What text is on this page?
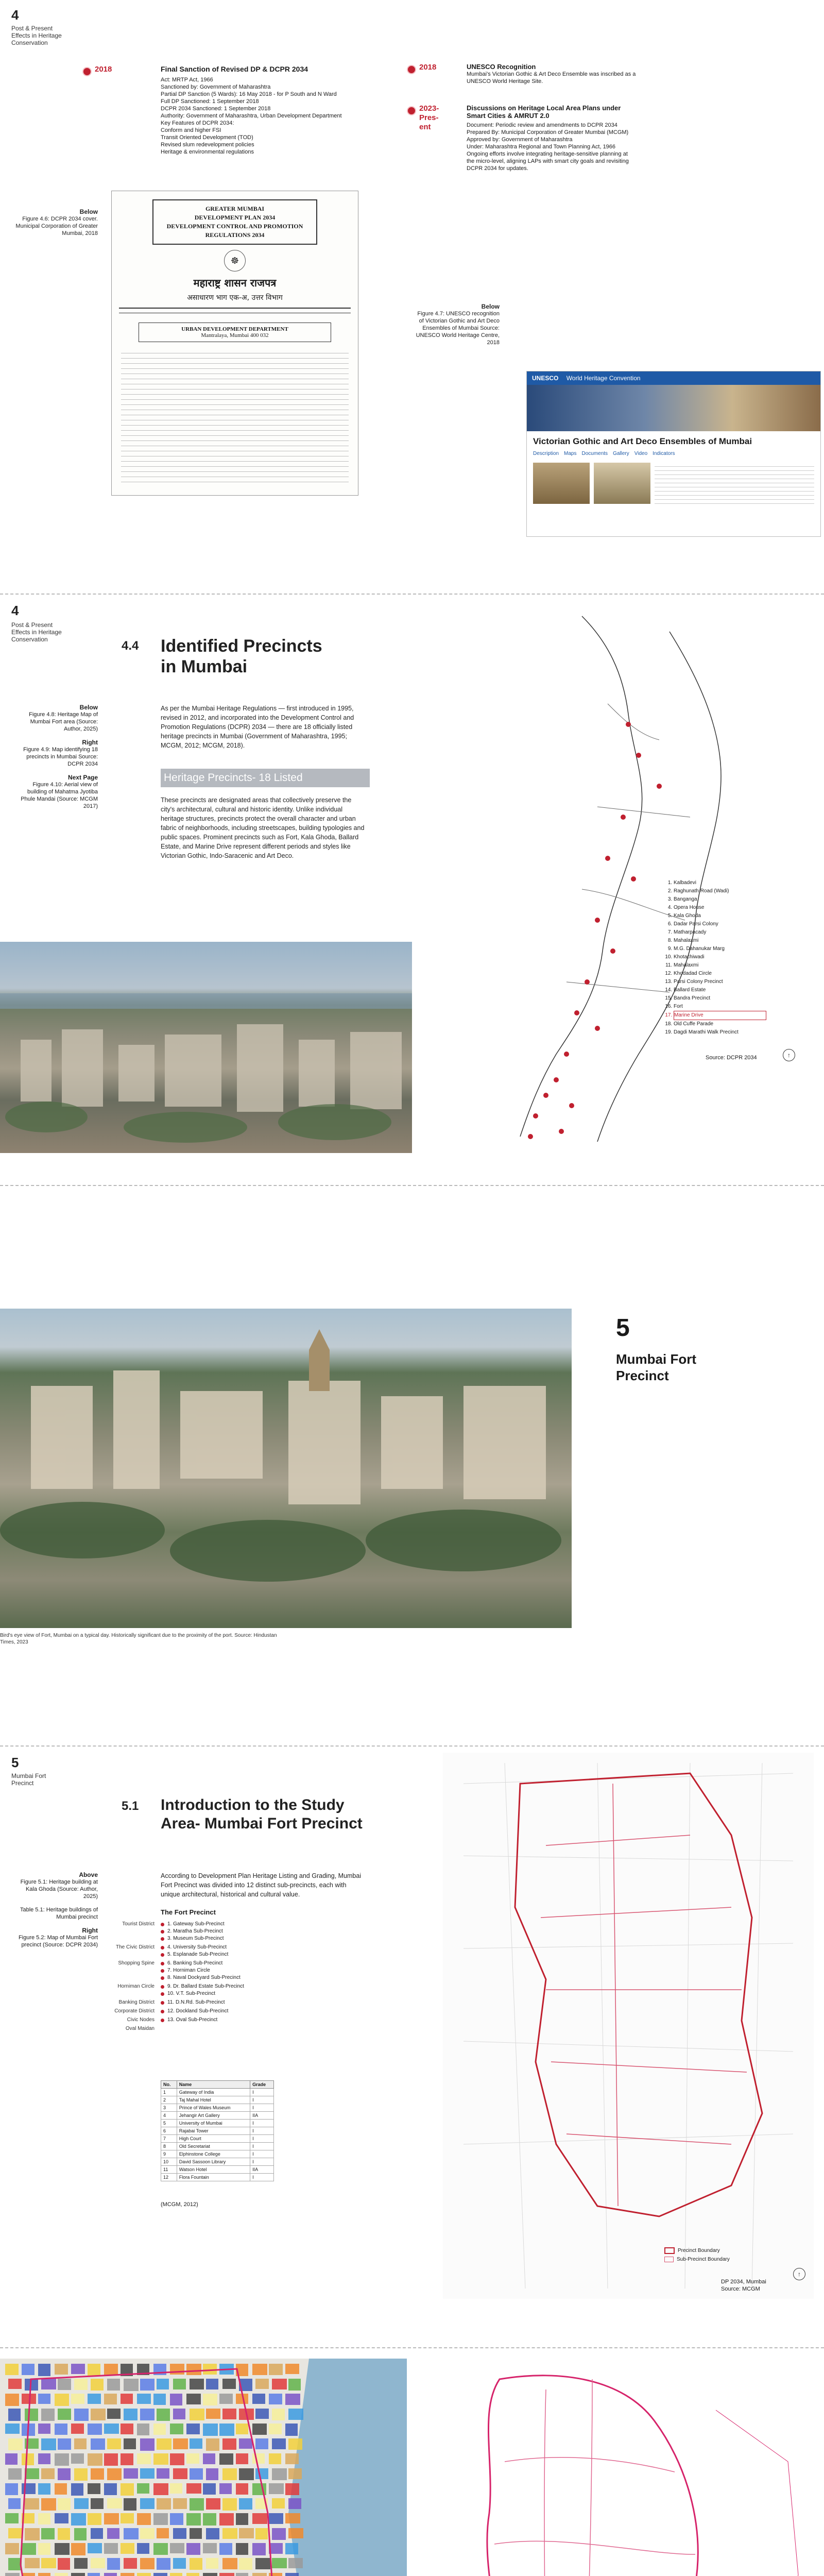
4
Post & Present Effects in Heritage Conservation
2018	Final Sanction of Revised DP & DCPR 2034
Act: MRTP Act, 1966
Sanctioned by: Government of Maharashtra
Partial DP Sanction (5 Wards): 16 May 2018 - for P South and N Ward
Full DP Sanctioned: 1 September 2018
DCPR 2034 Sanctioned: 1 September 2018
Authority: Government of Maharashtra, Urban Development Department
Key Features of DCPR 2034:
Conform and higher FSI
Transit Oriented Development (TOD)
Revised slum redevelopment policies
Heritage & environmental regulations
Below
Figure 4.6: DCPR 2034 cover. Municipal Corporation of Greater Mumbai, 2018
GREATER MUMBAI
DEVELOPMENT PLAN 2034
DEVELOPMENT CONTROL AND PROMOTION
REGULATIONS 2034
☸
महाराष्ट्र शासन राजपत्र
असाधारण भाग एक-अ, उत्तर विभाग
URBAN DEVELOPMENT DEPARTMENT
Mantralaya, Mumbai 400 032
2018	UNESCO Recognition
Mumbai's Victorian Gothic & Art Deco Ensemble was inscribed as a UNESCO World Heritage Site.
2023-Pres-ent
Discussions on Heritage Local Area Plans under Smart Cities & AMRUT 2.0
Document: Periodic review and amendments to DCPR 2034
Prepared By: Municipal Corporation of Greater Mumbai (MCGM)
Approved by: Government of Maharashtra
Under: Maharashtra Regional and Town Planning Act, 1966
Ongoing efforts involve integrating heritage-sensitive planning at the micro-level, aligning LAPs with smart city goals and revisiting DCPR 2034 for updates.
Below
Figure 4.7: UNESCO recognition of Victorian Gothic and Art Deco Ensembles of Mumbai Source: UNESCO World Heritage Centre, 2018
UNESCO World Heritage Convention
Victorian Gothic and Art Deco Ensembles of Mumbai
Description Maps Documents Gallery Video Indicators
4
Post & Present Effects in Heritage Conservation	4.4 Identified Precincts in Mumbai
Below
Figure 4.8: Heritage Map of Mumbai Fort area (Source: Author, 2025)
Right
Figure 4.9: Map identifying 18 precincts in Mumbai Source: DCPR 2034
Next Page
Figure 4.10: Aerial view of building of Mahatma Jyotiba Phule Mandai (Source: MCGM 2017)
As per the Mumbai Heritage Regulations — first introduced in 1995, revised in 2012, and incorporated into the Development Control and Promotion Regulations (DCPR) 2034 — there are 18 officially listed heritage precincts in Mumbai (Government of Maharashtra, 1995; MCGM, 2012; MCGM, 2018).
Heritage Precincts- 18 Listed
These precincts are designated areas that collectively preserve the city's architectural, cultural and historic identity. Unlike individual heritage structures, precincts protect the overall character and urban fabric of neighborhoods, including streetscapes, building typologies and public spaces. Prominent precincts such as Fort, Kala Ghoda, Ballard Estate, and Marine Drive represent different periods and styles like Victorian Gothic, Indo-Saracenic and Art Deco.
1. Kalbadevi
2. Raghunath Road (Wadi)
3. Banganga
4. Opera House
5. Kala Ghoda
6. Dadar Parsi Colony
7. Matharpacady
8. Mahalaxmi
9. M.G. Dahanukar Marg
10. Khotachiwadi
11. Mahalaxmi
12. Khodadad Circle
13. Parsi Colony Precinct
14. Ballard Estate
15. Bandra Precinct
16. Fort
17. Marine Drive
18. Old Cuffe Parade
19. Dagdi Marathi Walk Precinct
Source: DCPR 2034	↑
Bird's eye view of Fort, Mumbai on a typical day. Historically significant due to the proximity of the port. Source: Hindustan Times, 2023
5
Mumbai Fort
Precinct
5
Mumbai Fort Precinct
5.1 Introduction to the Study Area- Mumbai Fort Precinct
Above
Figure 5.1: Heritage building at Kala Ghoda (Source: Author, 2025)
Table 5.1: Heritage buildings of Mumbai precinct
Right
Figure 5.2: Map of Mumbai Fort precinct (Source: DCPR 2034)
According to Development Plan Heritage Listing and Grading, Mumbai Fort Precinct was divided into 12 distinct sub-precincts, each with unique architectural, historical and cultural value.
The Fort Precinct
Tourist District	1. Gateway Sub-Precinct
2. Maratha Sub-Precinct
3. Museum Sub-Precinct
The Civic District	4. University Sub-Precinct
5. Esplanade Sub-Precinct
Shopping Spine	6. Banking Sub-Precinct
7. Horniman Circle
8. Naval Dockyard Sub-Precinct
Horniman Circle	9. Dr. Ballard Estate Sub-Precinct
10. V.T. Sub-Precinct
Banking District	11. D.N.Rd. Sub-Precinct
Corporate District	12. Dockland Sub-Precinct
Civic Nodes	13. Oval Sub-Precinct
Oval Maidan
No.	Name	Grade
1	Gateway of India	I
2	Taj Mahal Hotel	I
3	Prince of Wales Museum	I
4	Jehangir Art Gallery	IIA
5	University of Mumbai	I
6	Rajabai Tower	I
7	High Court	I
8	Old Secretariat	I
9	Elphinstone College	I
10	David Sassoon Library	I
11	Watson Hotel	IIA
12	Flora Fountain	I
(MCGM, 2012)
Precinct Boundary
Sub-Precinct Boundary
DP 2034, Mumbai Source: MCGM
↑
